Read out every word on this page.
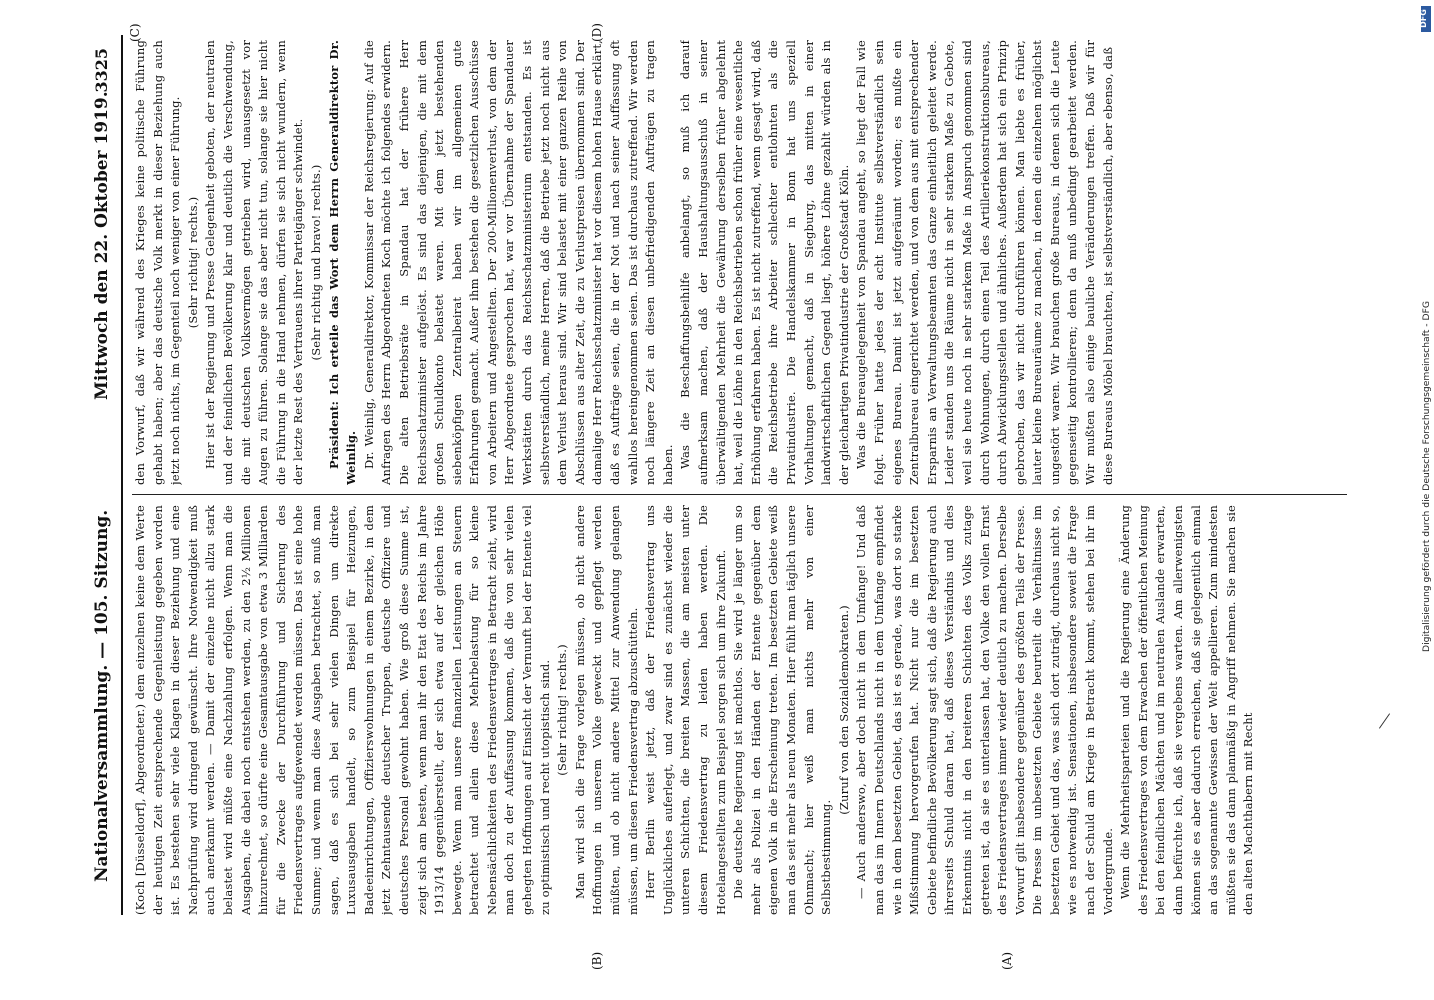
Nationalversammlung. — 105. Sitzung.
Mittwoch den 22. Oktober 1919.
3325

(Koch [Düsseldorf], Abgeordneter.) dem einzelnen keine dem Werte der heutigen Zeit entsprechende Gegenleistung gegeben worden ist. Es bestehen sehr viele Klagen in dieser Beziehung und eine Nachprüfung wird dringend gewünscht. Ihre Notwendigkeit muß auch anerkannt werden. — Damit der einzelne nicht allzu stark belastet wird müßte eine Nachzahlung erfolgen. Wenn man die Ausgaben, die dabei noch entstehen werden, zu den 2½ Millionen hinzurechnet, so dürfte eine Gesamtausgabe von etwa 3 Milliarden für die Zwecke der Durchführung und Sicherung des Friedensvertrages aufgewendet werden müssen. Das ist eine hohe Summe; und wenn man diese Ausgaben betrachtet, so muß man sagen, daß es sich bei sehr vielen Dingen um direkte Luxusausgaben handelt, so zum Beispiel für Heizungen, Badeeinrichtungen, Offizierswohnungen in einem Bezirke, in dem jetzt Zehntausende deutscher Truppen, deutsche Offiziere und deutsches Personal gewohnt haben. Wie groß diese Summe ist, zeigt sich am besten, wenn man ihr den Etat des Reichs im Jahre 1913/14 gegenüberstellt, der sich etwa auf der gleichen Höhe bewegte. Wenn man unsere finanziellen Leistungen an Steuern betrachtet und allein diese Mehrbelastung für so kleine Nebensächlichkeiten des Friedensvertrages in Betracht zieht, wird man doch zu der Auffassung kommen, daß die von sehr vielen gehegten Hoffnungen auf Einsicht der Vernunft bei der Entente viel zu optimistisch und recht utopistisch sind. (Sehr richtig! rechts.) Man wird sich die Frage vorlegen müssen, ob nicht andere Hoffnungen in unserem Volke geweckt und gepflegt werden müßten, und ob nicht andere Mittel zur Anwendung gelangen müssen, um diesen Friedensvertrag abzuschütteln. Herr Berlin weist jetzt, daß der Friedensvertrag uns Unglückliches auferlegt, und zwar sind es zunächst wieder die unteren Schichten, die breiten Massen, die am meisten unter diesem Friedensvertrag zu leiden haben werden. Die Hotelangestellten zum Beispiel sorgen sich um ihre Zukunft. Die deutsche Regierung ist machtlos. Sie wird je länger um so mehr als Polizei in den Händen der Entente gegenüber dem eigenen Volk in die Erscheinung treten. Im besetzten Gebiete weiß man das seit mehr als neun Monaten. Hier fühlt man täglich unsere Ohnmacht; hier weiß man nichts mehr von einer Selbstbestimmung.

(Zuruf von den Sozialdemokraten.) — Auch anderswo, aber doch nicht in dem Umfange! Und daß man das im Innern Deutschlands nicht in dem Umfange empfindet wie in dem besetzten Gebiet, das ist es gerade, was dort so starke Mißstimmung hervorgerufen hat. Nicht nur die im besetzten Gebiete befindliche Bevölkerung sagt sich, daß die Regierung auch ihrerseits Schuld daran hat, daß dieses Verständnis und dies Erkenntnis nicht in den breiteren Schichten des Volks zutage getreten ist, da sie es unterlassen hat, den Volke den vollen Ernst des Friedensvertrages immer wieder deutlich zu machen. Derselbe Vorwurf gilt insbesondere gegenüber des größten Teils der Presse. Die Presse im unbesetzten Gebiete beurteilt die Verhältnisse im besetzten Gebiet und das, was sich dort zuträgt, durchaus nicht so, wie es notwendig ist. Sensationen, insbesondere soweit die Frage nach der Schuld am Kriege in Betracht kommt, stehen bei ihr im Vordergrunde. Wenn die Mehrheitsparteien und die Regierung eine Änderung des Friedensvertrages von dem Erwachen der öffentlichen Meinung bei den feindlichen Mächten und im neutralen Auslande erwarten, dann befürchte ich, daß sie vergebens warten. Am allerwenigsten können sie es aber dadurch erreichen, daß sie gelegentlich einmal an das sogenannte Gewissen der Welt appellieren. Zum mindesten müßten sie das dann planmäßig in Angriff nehmen. Sie machen sie den alten Machthabern mit Recht

den Vorwurf, daß wir während des Krieges keine politische Führung gehabt haben; aber das deutsche Volk merkt in dieser Beziehung auch jetzt noch nichts, im Gegenteil noch weniger von einer Führung. (Sehr richtig! rechts.) Hier ist der Regierung und Presse Gelegenheit geboten, der neutralen und der feindlichen Bevölkerung klar und deutlich die Verschwendung, die mit deutschen Volksvermögen getrieben wird, unausgesetzt vor Augen zu führen. Solange sie das aber nicht tun, solange sie hier nicht die Führung in die Hand nehmen, dürfen sie sich nicht wundern, wenn der letzte Rest des Vertrauens ihrer Parteigänger schwindet. (Sehr richtig und bravo! rechts.) Präsident: Ich erteile das Wort dem Herrn Generaldirektor Dr. Weinlig. Dr. Weinlig, Generaldirektor, Kommissar der Reichsregierung: Auf die Anfragen des Herrn Abgeordneten Koch möchte ich folgendes erwidern. Die alten Betriebsräte in Spandau hat der frühere Herr Reichsschatzminister aufgelöst. Es sind das diejenigen, die mit dem großen Schuldkonto belastet waren. Mit dem jetzt bestehenden siebenköpfigen Zentralbeirat haben wir im allgemeinen gute Erfahrungen gemacht. Außer ihm bestehen die gesetzlichen Ausschüsse von Arbeitern und Angestellten. Der 200-Millionenverlust, von dem der Herr Abgeordnete gesprochen hat, war vor Übernahme der Spandauer Werkstätten durch das Reichsschatzministerium entstanden. Es ist selbstverständlich, meine Herren, daß die Betriebe jetzt noch nicht aus dem Verlust heraus sind. Wir sind belastet mit einer ganzen Reihe von Abschlüssen aus alter Zeit, die zu Verlustpreisen übernommen sind. Der damalige Herr Reichsschatzminister hat vor diesem hohen Hause erklärt, daß es Aufträge seien, die in der Not und nach seiner Auffassung oft wahllos hereingenommen seien. Das ist durchaus zutreffend. Wir werden noch längere Zeit an diesen unbefriedigenden Aufträgen zu tragen haben. Was die Beschaffungsbeihilfe anbelangt, so muß ich darauf aufmerksam machen, daß der Haushaltungsausschuß in seiner überwältigenden Mehrheit die Gewährung derselben früher abgelehnt hat, weil die Löhne in den Reichsbetrieben schon früher eine wesentliche Erhöhung erfahren haben. Es ist nicht zutreffend, wenn gesagt wird, daß die Reichsbetriebe ihre Arbeiter schlechter entlohnten als die Privatindustrie. Die Handelskammer in Bonn hat uns speziell Vorhaltungen gemacht, daß in Siegburg, das mitten in einer landwirtschaftlichen Gegend liegt, höhere Löhne gezahlt würden als in der gleichartigen Privatindustrie der Großstadt Köln. Was die Bureaugelegenheit von Spandau angeht, so liegt der Fall wie folgt. Früher hatte jedes der acht Institute selbstverständlich sein eigenes Bureau. Damit ist jetzt aufgeräumt worden; es mußte ein Zentralbureau eingerichtet werden, und von dem aus mit entsprechender Ersparnis an Verwaltungsbeamten das Ganze einheitlich geleitet werde. Leider standen uns die Räume nicht in sehr starkem Maße zu Gebote, weil sie heute noch in sehr starkem Maße in Anspruch genommen sind durch Wohnungen, durch einen Teil des Artilleriekonstruktionsbureaus, durch Abwicklungsstellen und ähnliches. Außerdem hat sich ein Prinzip gebrochen, das wir nicht durchführen können. Man liebte es früher, lauter kleine Bureauräume zu machen, in denen die einzelnen möglichst ungestört waren. Wir brauchen große Bureaus, in denen sich die Leute gegenseitig kontrollieren; denn da muß unbedingt gearbeitet werden. Wir mußten also einige bauliche Veränderungen treffen. Daß wir für diese Bureaus Möbel brauchten, ist selbstverständlich, aber ebenso, daß

(A)
(B)
(C)	(D)
DFG
Digitalisierung gefördert durch die Deutsche Forschungsgemeinschaft - DFG
